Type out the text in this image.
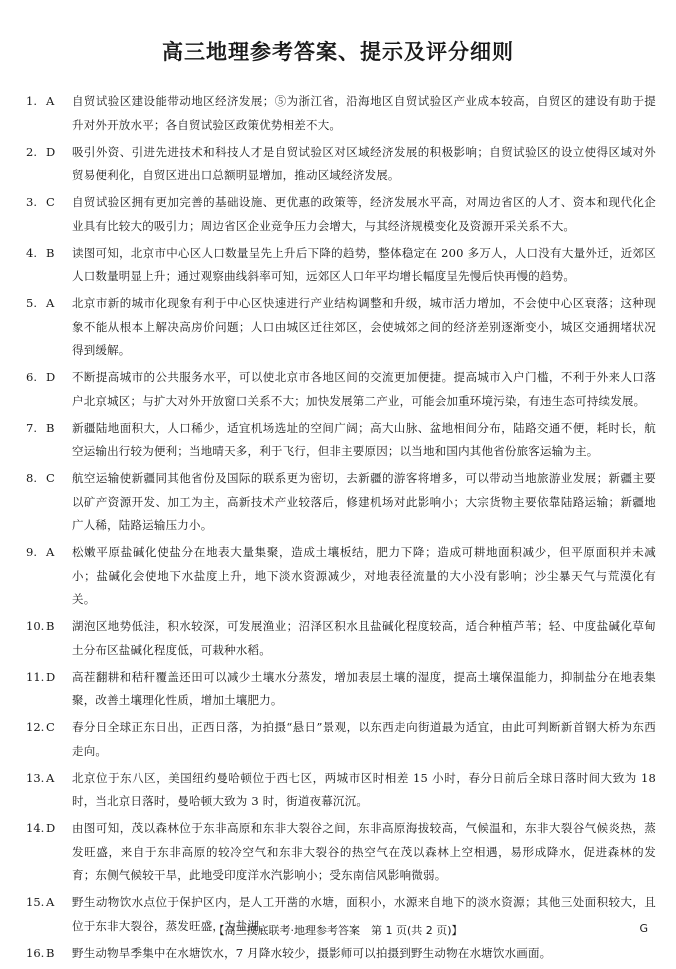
高三地理参考答案、提示及评分细则
1. A	自贸试验区建设能带动地区经济发展；⑤为浙江省，沿海地区自贸试验区产业成本较高，自贸区的建设有助于提升对外开放水平；各自贸试验区政策优势相差不大。
2. D	吸引外资、引进先进技术和科技人才是自贸试验区对区域经济发展的积极影响；自贸试验区的设立使得区域对外贸易便利化，自贸区进出口总额明显增加，推动区域经济发展。
3. C	自贸试验区拥有更加完善的基础设施、更优惠的政策等，经济发展水平高，对周边省区的人才、资本和现代化企业具有比较大的吸引力；周边省区企业竞争压力会增大，与其经济规模变化及资源开采关系不大。
4. B	读图可知，北京市中心区人口数量呈先上升后下降的趋势，整体稳定在 200 多万人，人口没有大量外迁，近郊区人口数量明显上升；通过观察曲线斜率可知，远郊区人口年平均增长幅度呈先慢后快再慢的趋势。
5. A	北京市新的城市化现象有利于中心区快速进行产业结构调整和升级，城市活力增加，不会使中心区衰落；这种现象不能从根本上解决高房价问题；人口由城区迁往郊区，会使城郊之间的经济差别逐渐变小，城区交通拥堵状况得到缓解。
6. D	不断提高城市的公共服务水平，可以使北京市各地区间的交流更加便捷。提高城市入户门槛，不利于外来人口落户北京城区；与扩大对外开放窗口关系不大；加快发展第二产业，可能会加重环境污染，有违生态可持续发展。
7. B	新疆陆地面积大，人口稀少，适宜机场选址的空间广阔；高大山脉、盆地相间分布，陆路交通不便，耗时长，航空运输出行较为便利；当地晴天多，利于飞行，但非主要原因；以当地和国内其他省份旅客运输为主。
8. C	航空运输使新疆同其他省份及国际的联系更为密切，去新疆的游客将增多，可以带动当地旅游业发展；新疆主要以矿产资源开发、加工为主，高新技术产业较落后，修建机场对此影响小；大宗货物主要依靠陆路运输；新疆地广人稀，陆路运输压力小。
9. A	松嫩平原盐碱化使盐分在地表大量集聚，造成土壤板结，肥力下降；造成可耕地面积减少，但平原面积并未减小；盐碱化会使地下水盐度上升，地下淡水资源减少，对地表径流量的大小没有影响；沙尘暴天气与荒漠化有关。
10. B	湖泡区地势低洼，积水较深，可发展渔业；沼泽区积水且盐碱化程度较高，适合种植芦苇；轻、中度盐碱化草甸土分布区盐碱化程度低，可栽种水稻。
11. D	高茬翻耕和秸秆覆盖还田可以减少土壤水分蒸发，增加表层土壤的湿度，提高土壤保温能力，抑制盐分在地表集聚，改善土壤理化性质，增加土壤肥力。
12. C	春分日全球正东日出，正西日落，为拍摄“悬日”景观，以东西走向街道最为适宜，由此可判断新首钢大桥为东西走向。
13. A	北京位于东八区，美国纽约曼哈顿位于西七区，两城市区时相差 15 小时，春分日前后全球日落时间大致为 18 时，当北京日落时，曼哈顿大致为 3 时，街道夜幕沉沉。
14. D	由图可知，茂以森林位于东非高原和东非大裂谷之间，东非高原海拔较高，气候温和，东非大裂谷气候炎热，蒸发旺盛，来自于东非高原的较冷空气和东非大裂谷的热空气在茂以森林上空相遇，易形成降水，促进森林的发育；东侧气候较干旱，此地受印度洋水汽影响小；受东南信风影响微弱。
15. A	野生动物饮水点位于保护区内，是人工开凿的水塘，面积小，水源来自地下的淡水资源；其他三处面积较大，且位于东非大裂谷，蒸发旺盛，为盐湖。
16. B	野生动物旱季集中在水塘饮水，7 月降水较少，摄影师可以拍摄到野生动物在水塘饮水画面。
【高三摸底联考·地理参考答案　第 1 页(共 2 页)】	G
